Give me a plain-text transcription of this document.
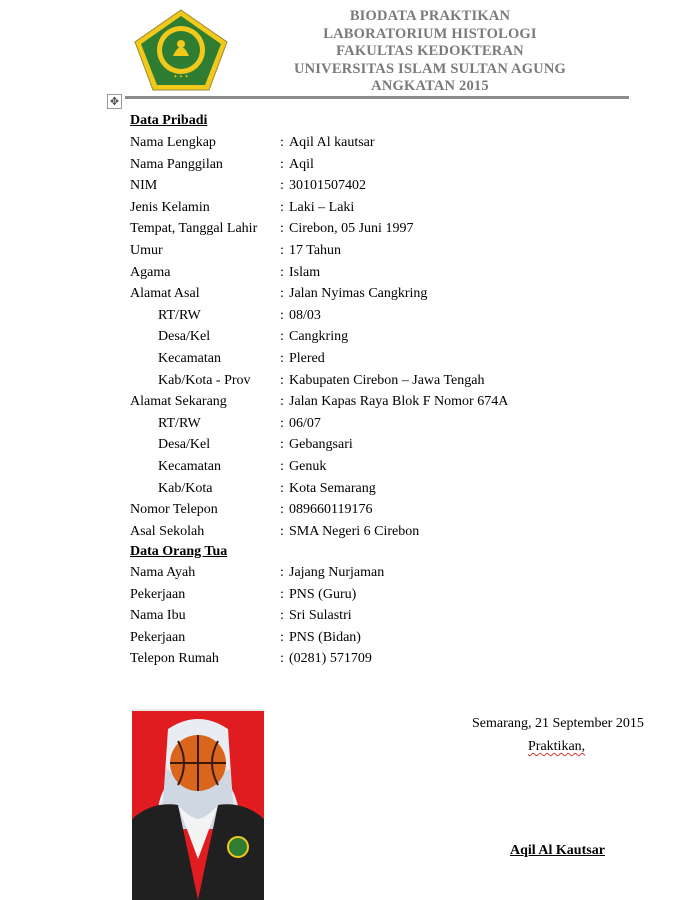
✦ ✦ ✦
BIODATA PRAKTIKAN
LABORATORIUM HISTOLOGI
FAKULTAS KEDOKTERAN
UNIVERSITAS ISLAM SULTAN AGUNG
ANGKATAN 2015
✥
Data Pribadi
Nama Lengkap	: Aqil Al kautsar
Nama Panggilan	: Aqil
NIM	: 30101507402
Jenis Kelamin	: Laki – Laki
Tempat, Tanggal Lahir : Cirebon, 05 Juni 1997
Umur	: 17 Tahun
Agama	: Islam
Alamat Asal	: Jalan Nyimas Cangkring
RT/RW	: 08/03
Desa/Kel	: Cangkring
Kecamatan	: Plered
Kab/Kota - Prov : Kabupaten Cirebon – Jawa Tengah
Alamat Sekarang	: Jalan Kapas Raya Blok F Nomor 674A
RT/RW	: 06/07
Desa/Kel	: Gebangsari
Kecamatan	: Genuk
Kab/Kota	: Kota Semarang
Nomor Telepon	: 089660119176
Asal Sekolah	: SMA Negeri 6 Cirebon
Data Orang Tua
Nama Ayah	: Jajang Nurjaman
Pekerjaan	: PNS (Guru)
Nama Ibu	: Sri Sulastri
Pekerjaan	: PNS (Bidan)
Telepon Rumah	: (0281) 571709
Semarang, 21 September 2015
Praktikan,
Aqil Al Kautsar
